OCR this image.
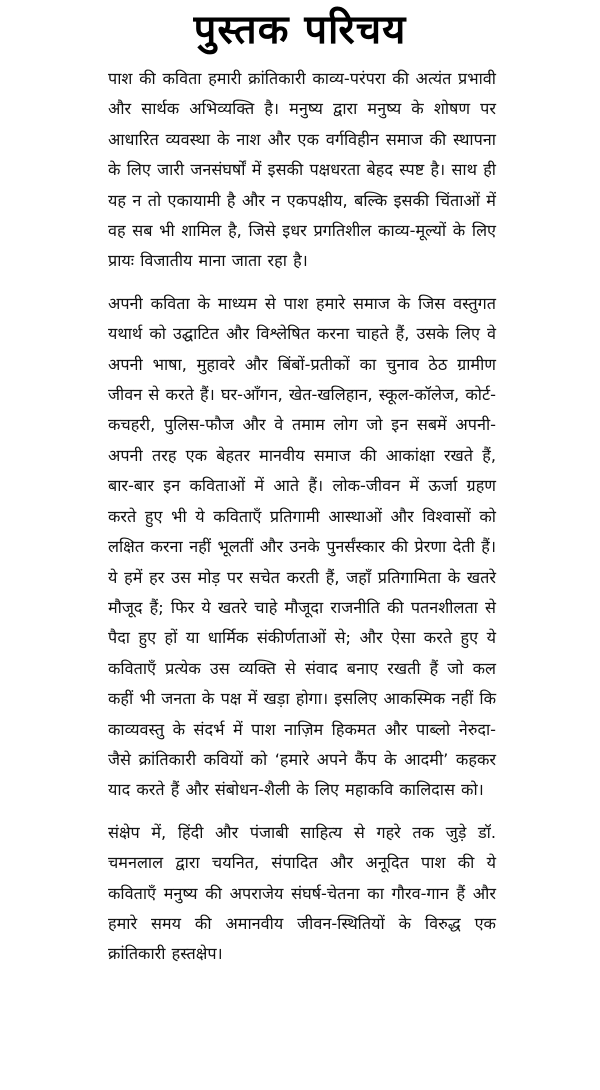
पुस्तक परिचय

पाश की कविता हमारी क्रांतिकारी काव्य-परंपरा की अत्यंत प्रभावी और सार्थक अभिव्यक्ति है। मनुष्य द्वारा मनुष्य के शोषण पर आधारित व्यवस्था के नाश और एक वर्गविहीन समाज की स्थापना के लिए जारी जनसंघर्षों में इसकी पक्षधरता बेहद स्पष्ट है। साथ ही यह न तो एकायामी है और न एकपक्षीय, बल्कि इसकी चिंताओं में वह सब भी शामिल है, जिसे इधर प्रगतिशील काव्य-मूल्यों के लिए प्रायः विजातीय माना जाता रहा है।

अपनी कविता के माध्यम से पाश हमारे समाज के जिस वस्तुगत यथार्थ को उद्घाटित और विश्लेषित करना चाहते हैं, उसके लिए वे अपनी भाषा, मुहावरे और बिंबों-प्रतीकों का चुनाव ठेठ ग्रामीण जीवन से करते हैं। घर-आँगन, खेत-खलिहान, स्कूल-कॉलेज, कोर्ट-कचहरी, पुलिस-फौज और वे तमाम लोग जो इन सबमें अपनी-अपनी तरह एक बेहतर मानवीय समाज की आकांक्षा रखते हैं, बार-बार इन कविताओं में आते हैं। लोक-जीवन में ऊर्जा ग्रहण करते हुए भी ये कविताएँ प्रतिगामी आस्थाओं और विश्वासों को लक्षित करना नहीं भूलतीं और उनके पुनर्संस्कार की प्रेरणा देती हैं। ये हमें हर उस मोड़ पर सचेत करती हैं, जहाँ प्रतिगामिता के खतरे मौजूद हैं; फिर ये खतरे चाहे मौजूदा राजनीति की पतनशीलता से पैदा हुए हों या धार्मिक संकीर्णताओं से; और ऐसा करते हुए ये कविताएँ प्रत्येक उस व्यक्ति से संवाद बनाए रखती हैं जो कल कहीं भी जनता के पक्ष में खड़ा होगा। इसलिए आकस्मिक नहीं कि काव्यवस्तु के संदर्भ में पाश नाज़िम हिकमत और पाब्लो नेरुदा-जैसे क्रांतिकारी कवियों को ‘हमारे अपने कैंप के आदमी’ कहकर याद करते हैं और संबोधन-शैली के लिए महाकवि कालिदास को।

संक्षेप में, हिंदी और पंजाबी साहित्य से गहरे तक जुड़े डॉ. चमनलाल द्वारा चयनित, संपादित और अनूदित पाश की ये कविताएँ मनुष्य की अपराजेय संघर्ष-चेतना का गौरव-गान हैं और हमारे समय की अमानवीय जीवन-स्थितियों के विरुद्ध एक क्रांतिकारी हस्तक्षेप।
